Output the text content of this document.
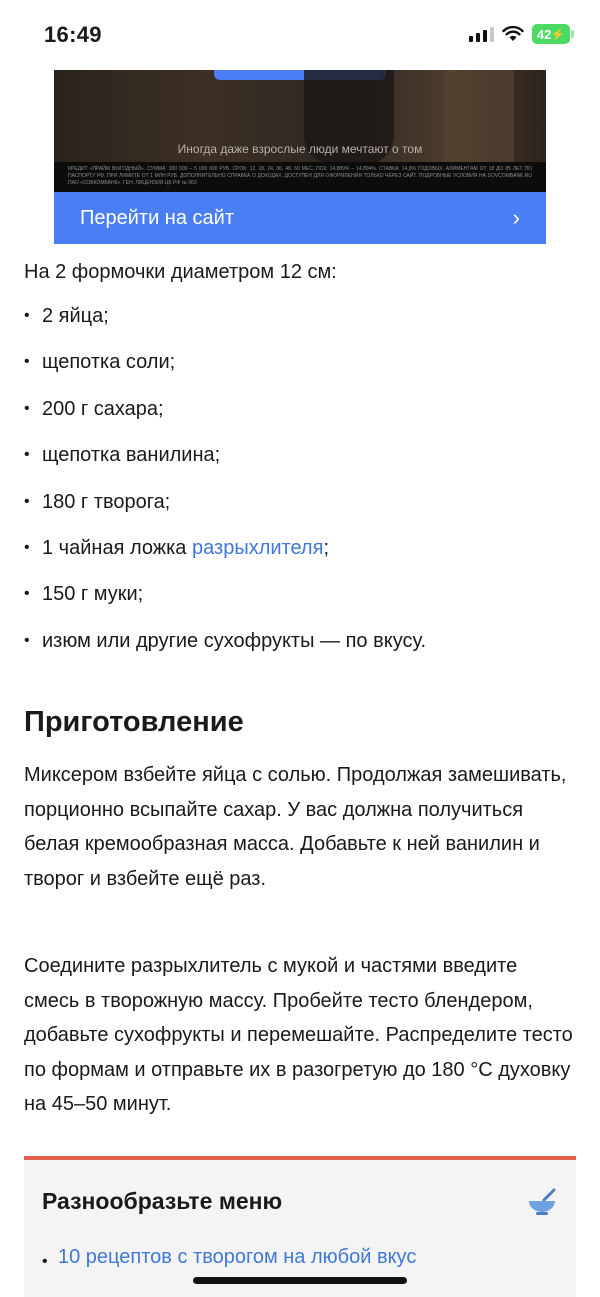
16:49	42 ⚡
Иногда даже взрослые люди мечтают о том
КРЕДИТ «ПРАЙМ ВЫГОДНЫЙ». СУММА: 300 000 – 5 000 000 РУБ. СРОК: 12, 18, 24, 36, 48, 60 МЕС. ПСК: 14,889% – 14,894%. СТАВКА: 14,9% ГОДОВЫХ. АЛИМЕНТАМ ОТ 18 ДО 85 ЛЕТ ПО ПАСПОРТУ РФ. ПРИ ЛИМИТЕ ОТ 1 МЛН РУБ. ДОПОЛНИТЕЛЬНО СПРАВКА О ДОХОДАХ. ДОСТУПЕН ДЛЯ ОФОРМЛЕНИЯ ТОЛЬКО ЧЕРЕЗ САЙТ. ПОДРОБНЫЕ УСЛОВИЯ НА SOVCOMBANK.RU ПАО «СОВКОМБАНК». ГЕН. ЛИЦЕНЗИЯ ЦБ РФ № 963
Перейти на сайт	›

На 2 формочки диаметром 12 см:

• 2 яйца;
• щепотка соли;
• 200 г сахара;
• щепотка ванилина;
• 180 г творога;
• 1 чайная ложка разрыхлителя;
• 150 г муки;
• изюм или другие сухофрукты — по вкусу.
Приготовление

Миксером взбейте яйца с солью. Продолжая замешивать, порционно всыпайте сахар. У вас должна получиться белая кремообразная масса. Добавьте к ней ванилин и творог и взбейте ещё раз.

Соедините разрыхлитель с мукой и частями введите смесь в творожную массу. Пробейте тесто блендером, добавьте сухофрукты и перемешайте. Распределите тесто по формам и отправьте их в разогретую до 180 °C духовку на 45–50 минут.

Разнообразьте меню
• 10 рецептов с творогом на любой вкус
